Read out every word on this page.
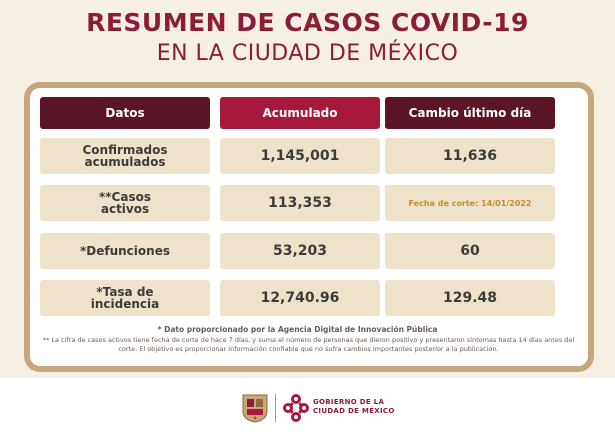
RESUMEN DE CASOS COVID-19
EN LA CIUDAD DE MÉXICO
Datos	Acumulado	Cambio último día
Confirmados
acumulados	1,145,001	11,636
**Casos
activos	113,353	Fecha de corte: 14/01/2022
*Defunciones	53,203	60
*Tasa de
incidencia	12,740.96	129.48
* Dato proporcionado por la Agencia Digital de Innovación Pública
** La cifra de casos activos tiene fecha de corte de hace 7 días, y suma el número de personas que dieron positivo y presentaron síntomas hasta 14 días antes del corte. El objetivo es proporcionar información confiable que no sufra cambios importantes posterior a la publicación.
GOBIERNO DE LA
CIUDAD DE MÉXICO
